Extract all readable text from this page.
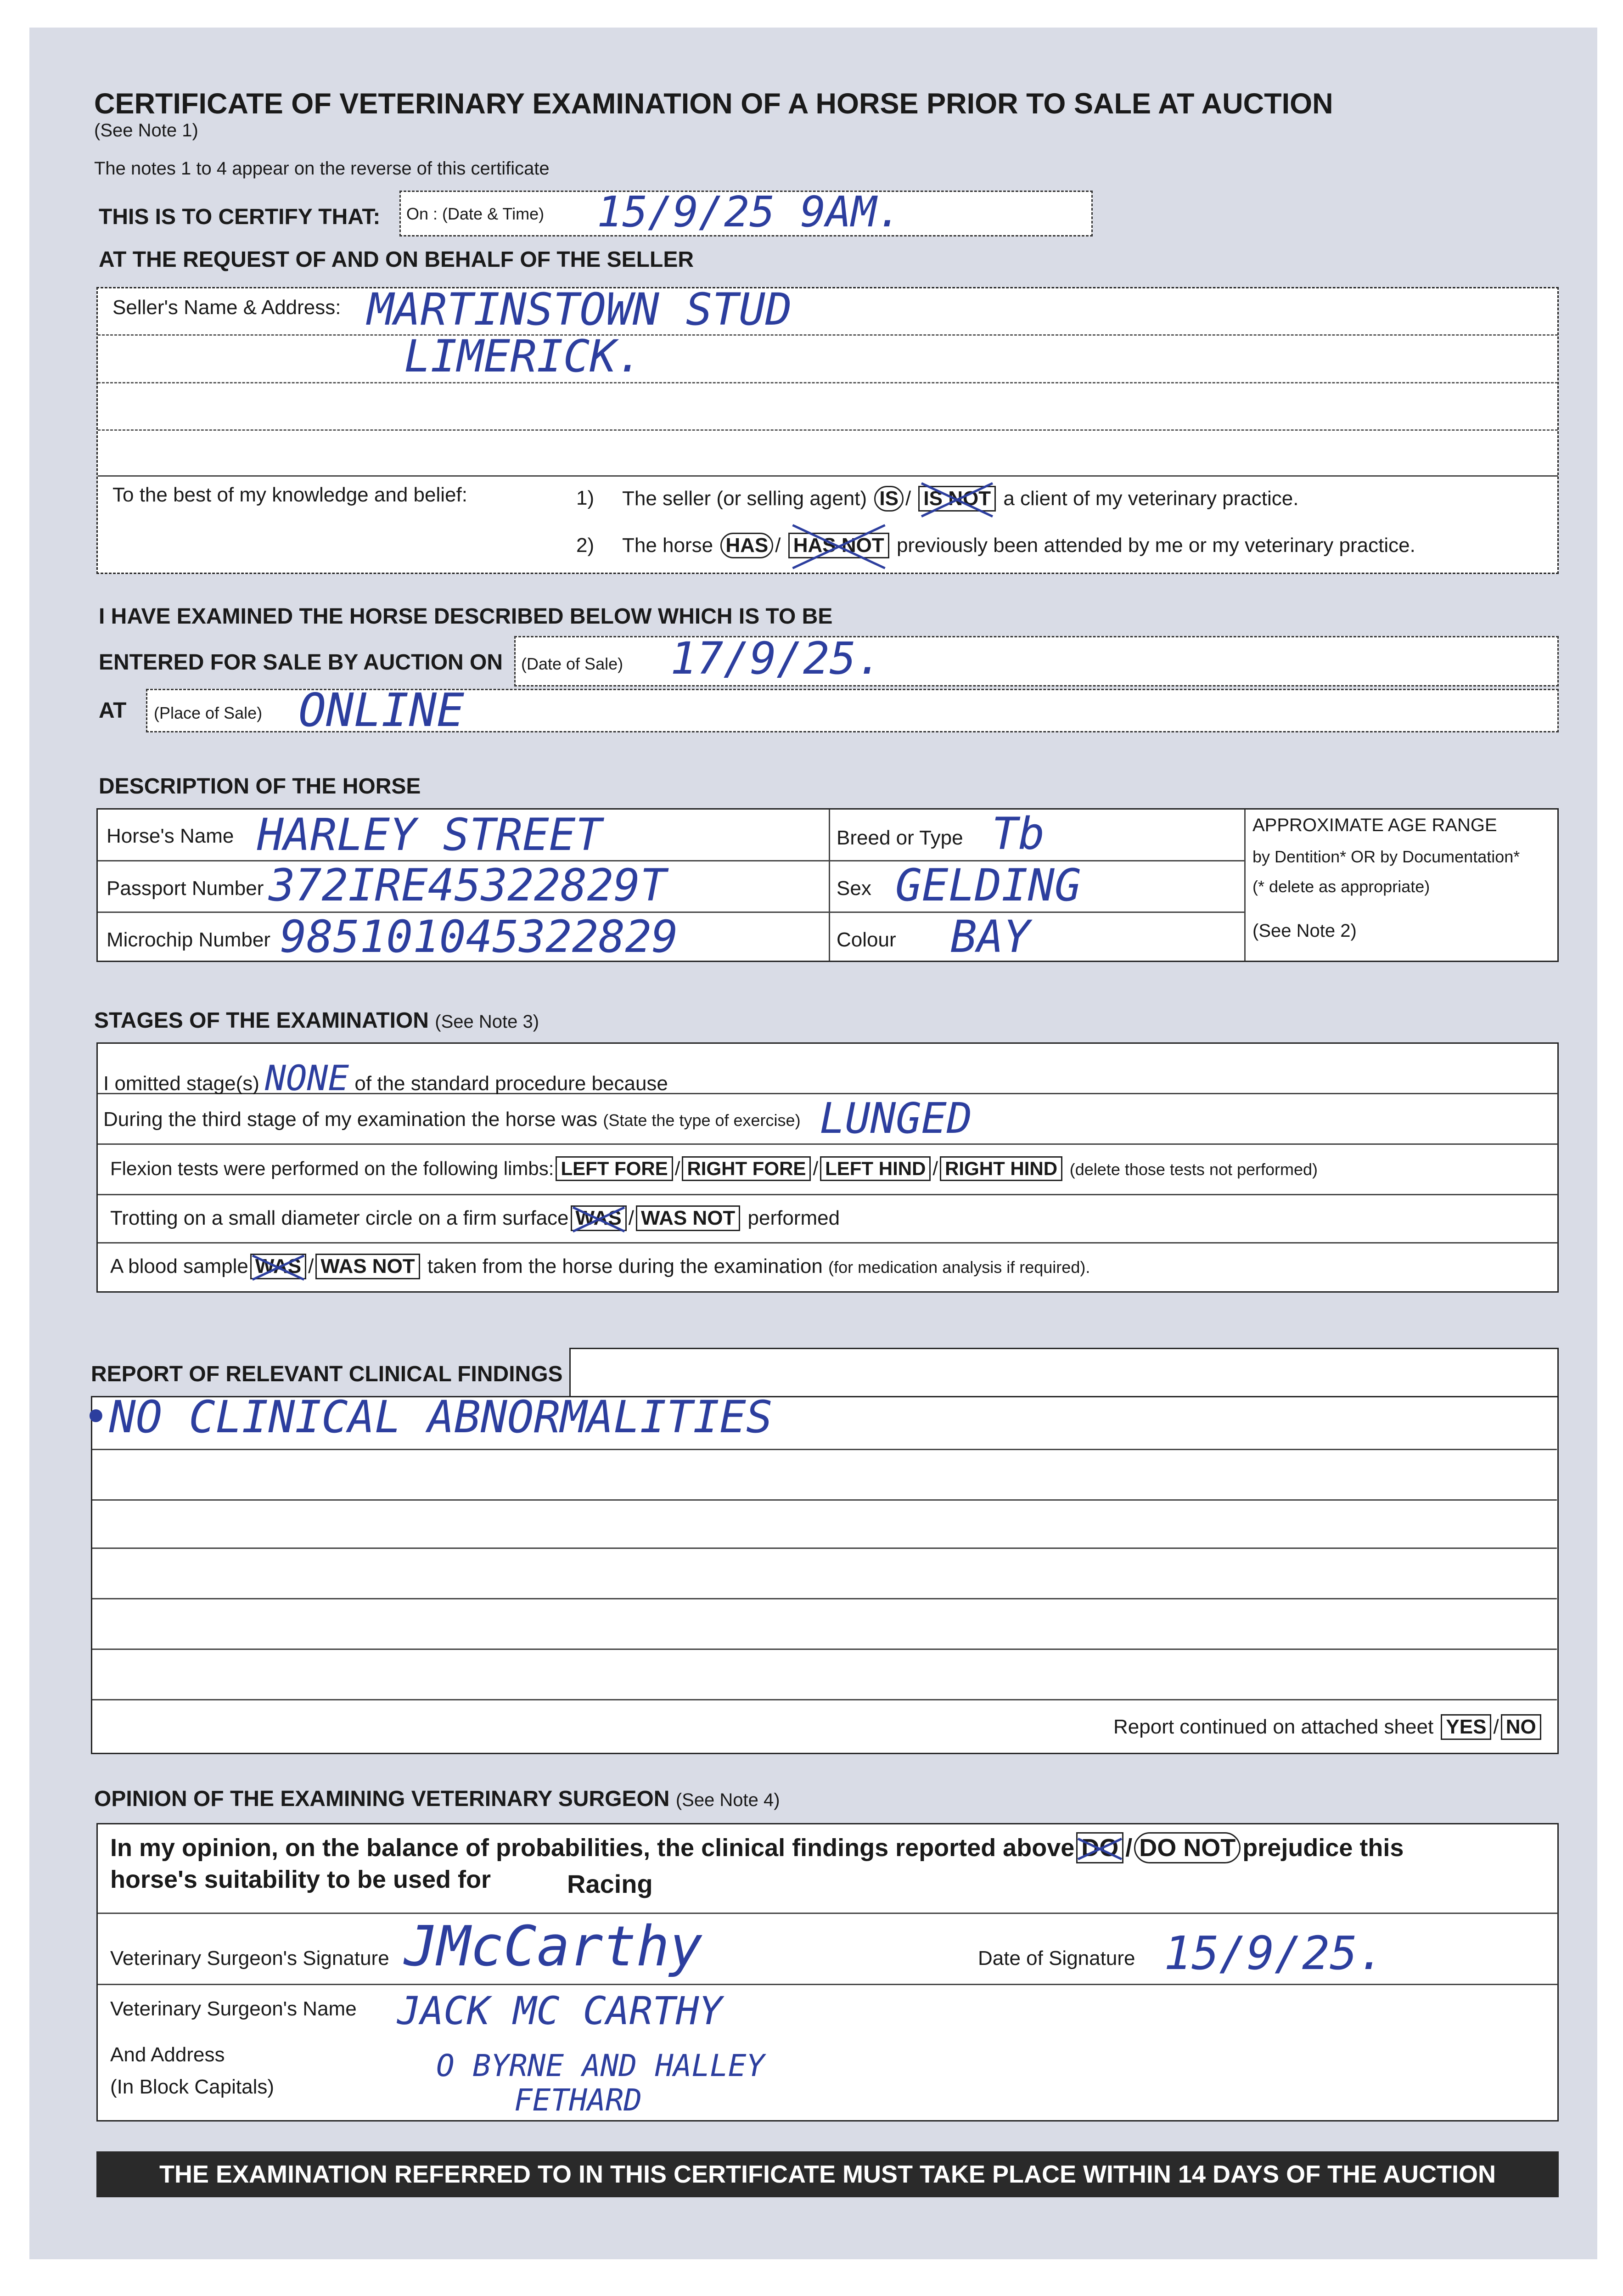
CERTIFICATE OF VETERINARY EXAMINATION OF A HORSE PRIOR TO SALE AT AUCTION
(See Note 1)
The notes 1 to 4 appear on the reverse of this certificate
THIS IS TO CERTIFY THAT: On : (Date & Time) 15/9/25 9AM.
AT THE REQUEST OF AND ON BEHALF OF THE SELLER
Seller's Name & Address: MARTINSTOWN STUD
LIMERICK.
To the best of my knowledge and belief:	1) The seller (or selling agent) IS / IS NOT a client of my veterinary practice.
2) The horse HAS / HAS NOT previously been attended by me or my veterinary practice.
I HAVE EXAMINED THE HORSE DESCRIBED BELOW WHICH IS TO BE
ENTERED FOR SALE BY AUCTION ON (Date of Sale) 17/9/25.
AT (Place of Sale) ONLINE
DESCRIPTION OF THE HORSE
Horse's Name HARLEY STREET
Passport Number 372IRE45322829T
Microchip Number 985101045322829
Breed or Type Tb
Sex GELDING
Colour BAY
APPROXIMATE AGE RANGE
by Dentition* OR by Documentation*
(* delete as appropriate)
(See Note 2)
STAGES OF THE EXAMINATION (See Note 3)
I omitted stage(s) NONE of the standard procedure because
During the third stage of my examination the horse was (State the type of exercise) LUNGED
Flexion tests were performed on the following limbs: LEFT FORE / RIGHT FORE / LEFT HIND / RIGHT HIND (delete those tests not performed)
Trotting on a small diameter circle on a firm surface WAS / WAS NOT performed
A blood sample WAS / WAS NOT taken from the horse during the examination (for medication analysis if required).
REPORT OF RELEVANT CLINICAL FINDINGS
•NO CLINICAL ABNORMALITIES
Report continued on attached sheet YES / NO
OPINION OF THE EXAMINING VETERINARY SURGEON (See Note 4)
In my opinion, on the balance of probabilities, the clinical findings reported above DO / DO NOT prejudice this
horse's suitability to be used for	Racing
Veterinary Surgeon's Signature JMcCarthy	Date of Signature 15/9/25.
Veterinary Surgeon's Name JACK MC CARTHY
And Address
(In Block Capitals)
O BYRNE AND HALLEY
FETHARD
THE EXAMINATION REFERRED TO IN THIS CERTIFICATE MUST TAKE PLACE WITHIN 14 DAYS OF THE AUCTION
